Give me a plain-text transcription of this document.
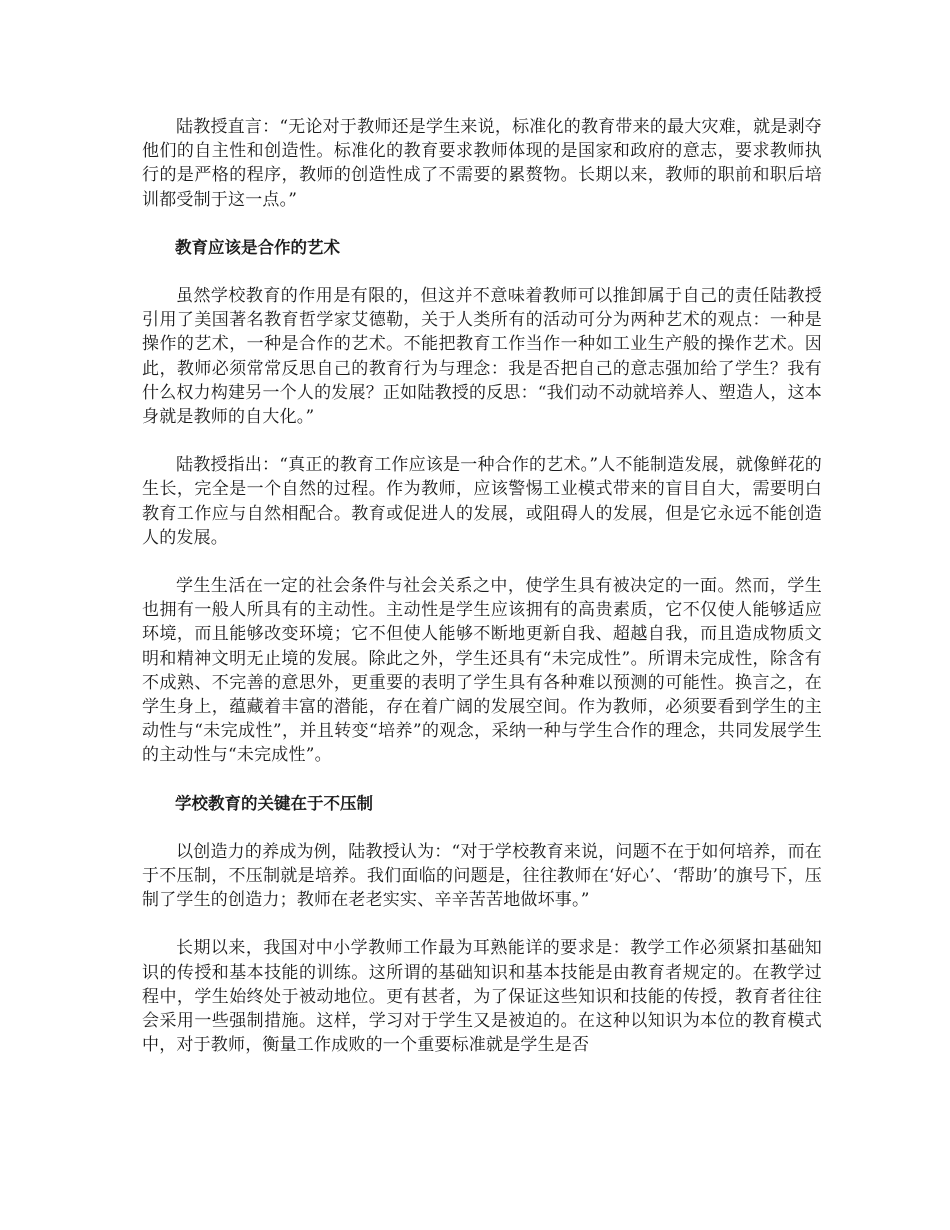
陆教授直言：“无论对于教师还是学生来说，标准化的教育带来的最大灾难，就是剥夺他们的自主性和创造性。标准化的教育要求教师体现的是国家和政府的意志，要求教师执行的是严格的程序，教师的创造性成了不需要的累赘物。长期以来，教师的职前和职后培训都受制于这一点。”

教育应该是合作的艺术

虽然学校教育的作用是有限的，但这并不意味着教师可以推卸属于自己的责任陆教授引用了美国著名教育哲学家艾德勒，关于人类所有的活动可分为两种艺术的观点：一种是操作的艺术，一种是合作的艺术。不能把教育工作当作一种如工业生产般的操作艺术。因此，教师必须常常反思自己的教育行为与理念：我是否把自己的意志强加给了学生？我有什么权力构建另一个人的发展？正如陆教授的反思：“我们动不动就培养人、塑造人，这本身就是教师的自大化。”

陆教授指出：“真正的教育工作应该是一种合作的艺术。”人不能制造发展，就像鲜花的生长，完全是一个自然的过程。作为教师，应该警惕工业模式带来的盲目自大，需要明白教育工作应与自然相配合。教育或促进人的发展，或阻碍人的发展，但是它永远不能创造人的发展。

学生生活在一定的社会条件与社会关系之中，使学生具有被决定的一面。然而，学生也拥有一般人所具有的主动性。主动性是学生应该拥有的高贵素质，它不仅使人能够适应环境，而且能够改变环境；它不但使人能够不断地更新自我、超越自我，而且造成物质文明和精神文明无止境的发展。除此之外，学生还具有“未完成性”。所谓未完成性，除含有不成熟、不完善的意思外，更重要的表明了学生具有各种难以预测的可能性。换言之，在学生身上，蕴藏着丰富的潜能，存在着广阔的发展空间。作为教师，必须要看到学生的主动性与“未完成性”，并且转变“培养”的观念，采纳一种与学生合作的理念，共同发展学生的主动性与“未完成性”。

学校教育的关键在于不压制

以创造力的养成为例，陆教授认为：“对于学校教育来说，问题不在于如何培养，而在于不压制，不压制就是培养。我们面临的问题是，往往教师在‘好心’、‘帮助’的旗号下，压制了学生的创造力；教师在老老实实、辛辛苦苦地做坏事。”

长期以来，我国对中小学教师工作最为耳熟能详的要求是：教学工作必须紧扣基础知识的传授和基本技能的训练。这所谓的基础知识和基本技能是由教育者规定的。在教学过程中，学生始终处于被动地位。更有甚者，为了保证这些知识和技能的传授，教育者往往会采用一些强制措施。这样，学习对于学生又是被迫的。在这种以知识为本位的教育模式中，对于教师，衡量工作成败的一个重要标准就是学生是否
